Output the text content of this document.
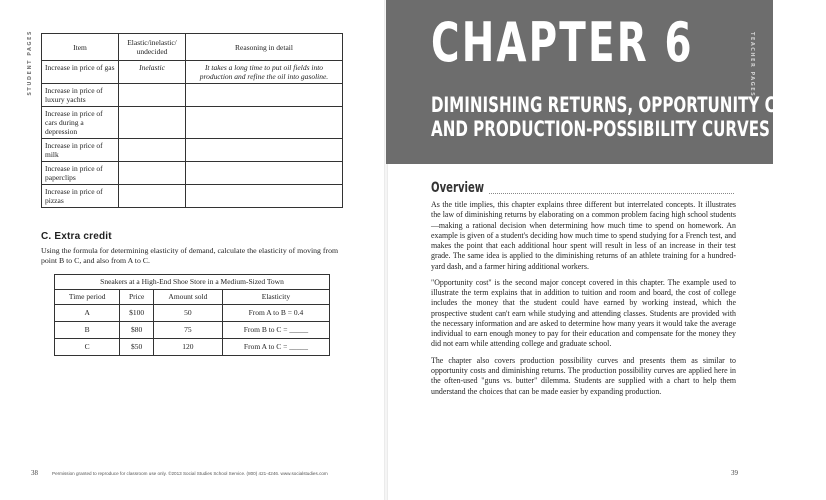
STUDENT PAGES	Item	Elastic/inelastic/ undecided	Reasoning in detail
Increase in price of gas	Inelastic	It takes a long time to put oil fields into production and refine the oil into gasoline.
Increase in price of luxury yachts		
Increase in price of cars during a depression		
Increase in price of milk		
Increase in price of paperclips		
Increase in price of pizzas		
C. Extra credit
Using the formula for determining elasticity of demand, calculate the elasticity of moving from point B to C, and also from A to C.
Sneakers at a High-End Shoe Store in a Medium-Sized Town			
Time period	Price	Amount sold	Elasticity
A	$100	50	From A to B = 0.4
B	$80	75	From B to C = _____
C	$50	120	From A to C = _____
38	Permission granted to reproduce for classroom use only. ©2013 Social Studies School Service. (800) 421-4246. www.socialstudies.com
CHAPTER 6
DIMINISHING RETURNS, OPPORTUNITY COSTS,
AND PRODUCTION-POSSIBILITY CURVES
TEACHER PAGES
Overview

As the title implies, this chapter explains three different but interrelated concepts. It illustrates the law of diminishing returns by elaborating on a common problem facing high school students—making a rational decision when determining how much time to spend on homework. An example is given of a student's deciding how much time to spend studying for a French test, and makes the point that each additional hour spent will result in less of an increase in their test grade. The same idea is applied to the diminishing returns of an athlete training for a hundred-yard dash, and a farmer hiring additional workers.

"Opportunity cost" is the second major concept covered in this chapter. The example used to illustrate the term explains that in addition to tuition and room and board, the cost of college includes the money that the student could have earned by working instead, which the prospective student can't earn while studying and attending classes. Students are provided with the necessary information and are asked to determine how many years it would take the average individual to earn enough money to pay for their education and compensate for the money they did not earn while attending college and graduate school.

The chapter also covers production possibility curves and presents them as similar to opportunity costs and diminishing returns. The production possibility curves are applied here in the often-used "guns vs. butter" dilemma. Students are supplied with a chart to help them understand the choices that can be made easier by expanding production.

39
